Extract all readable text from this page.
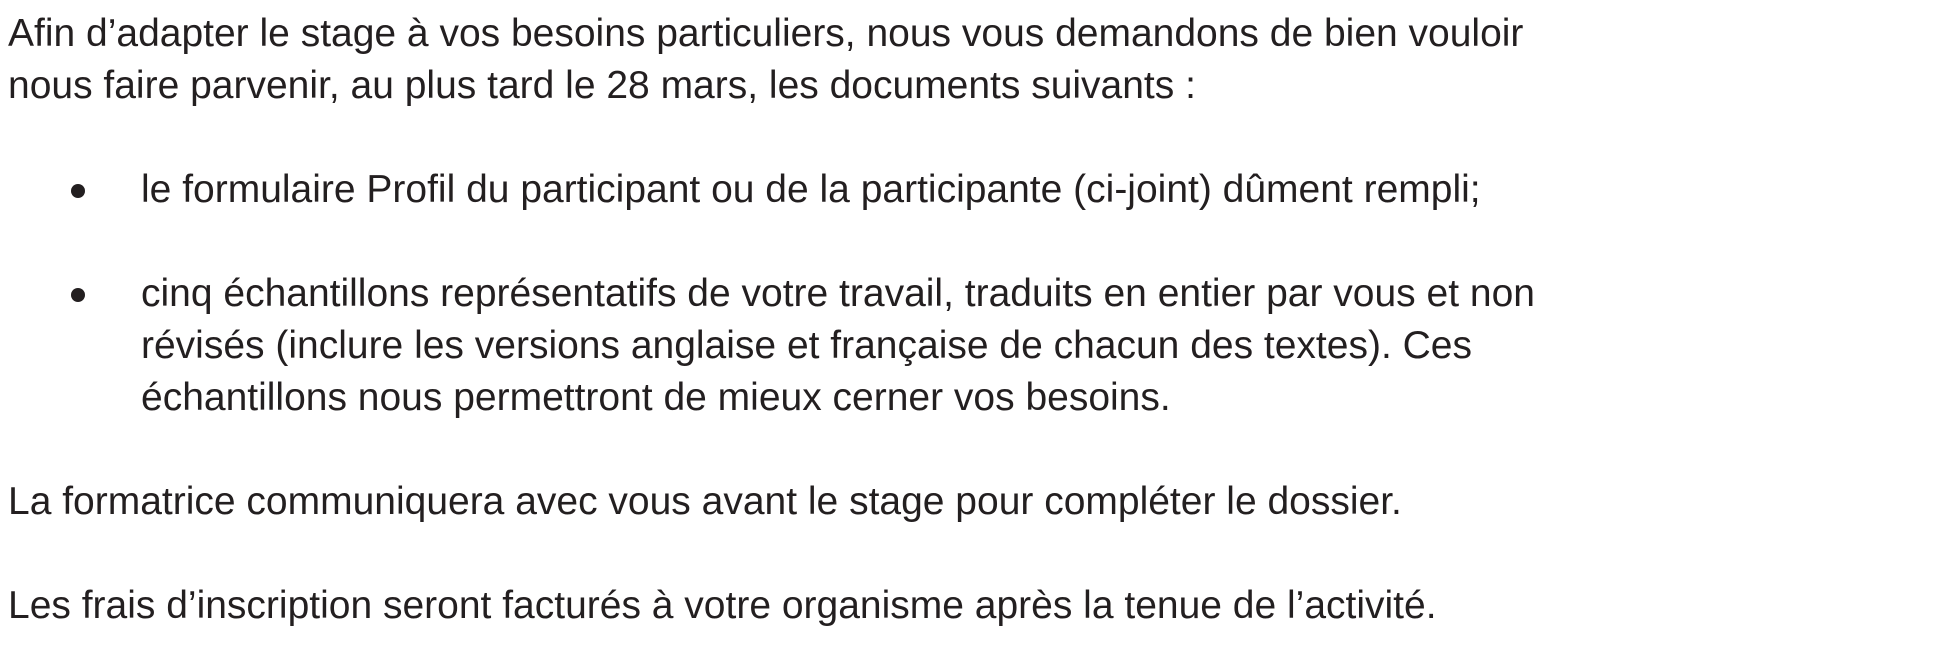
Afin d’adapter le stage à vos besoins particuliers, nous vous demandons de bien vouloir
nous faire parvenir, au plus tard le 28 mars, les documents suivants :

le formulaire Profil du participant ou de la participante (ci-joint) dûment rempli;
cinq échantillons représentatifs de votre travail, traduits en entier par vous et non
révisés (inclure les versions anglaise et française de chacun des textes). Ces
échantillons nous permettront de mieux cerner vos besoins.

La formatrice communiquera avec vous avant le stage pour compléter le dossier.

Les frais d’inscription seront facturés à votre organisme après la tenue de l’activité.
